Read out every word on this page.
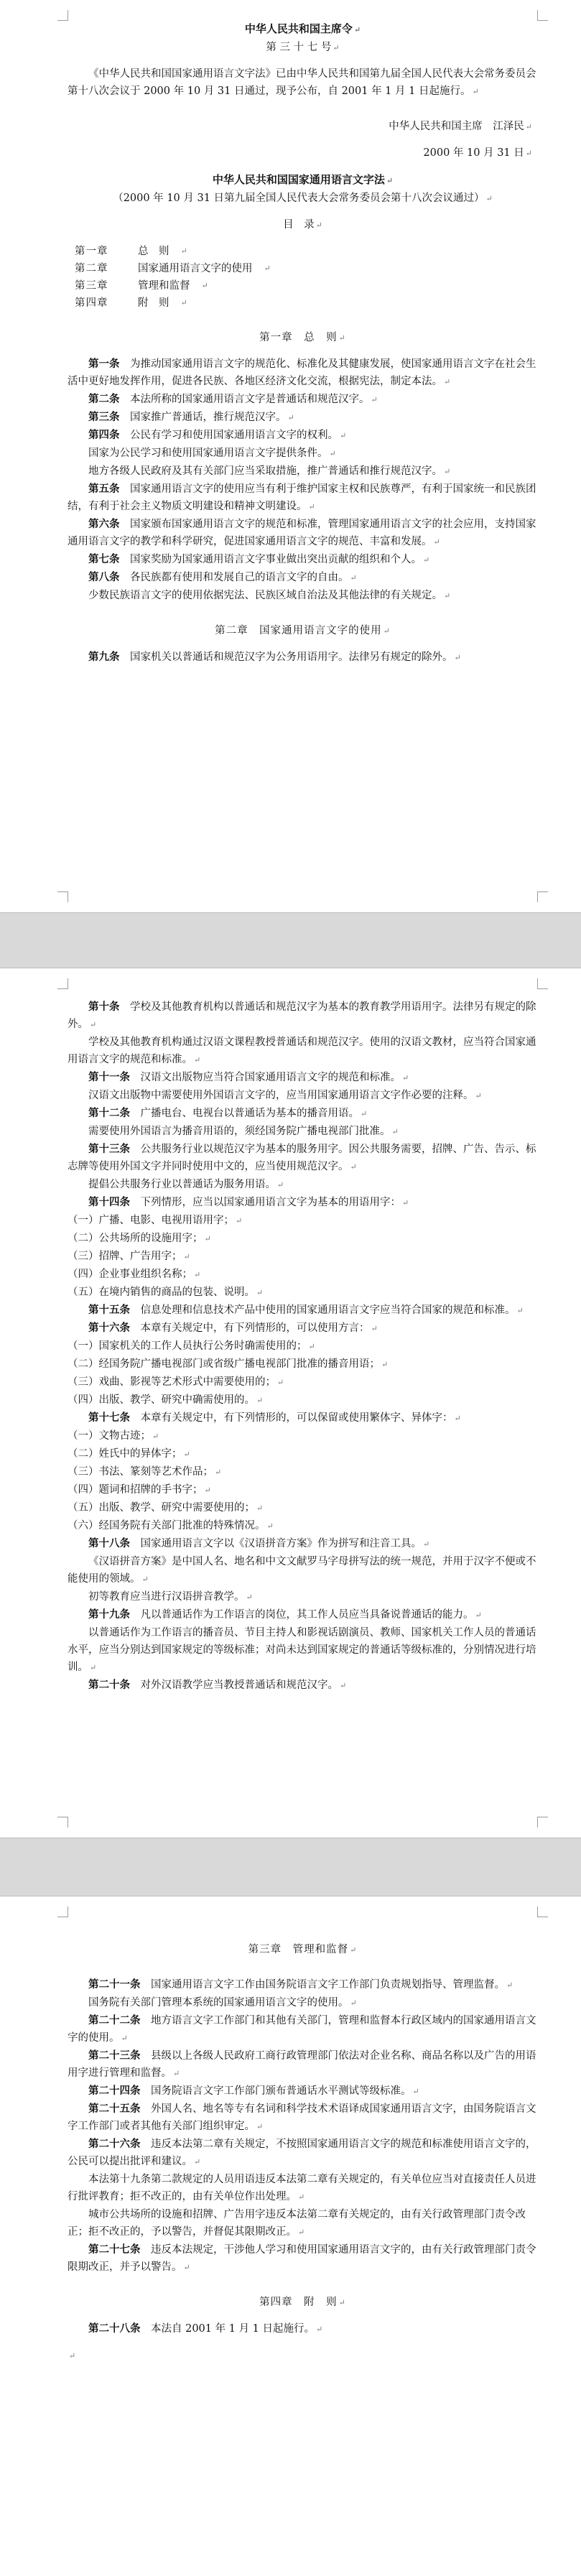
中华人民共和国主席令 ↵

第 三 十 七 号 ↵

《中华人民共和国国家通用语言文字法》已由中华人民共和国第九届全国人民代表大会常务委员会第十八次会议于 2000 年 10 月 31 日通过，现予公布，自 2001 年 1 月 1 日起施行。 ↵

中华人民共和国主席　江泽民 ↵

2000 年 10 月 31 日 ↵

中华人民共和国国家通用语言文字法 ↵

（2000 年 10 月 31 日第九届全国人民代表大会常务委员会第十八次会议通过） ↵

目　录 ↵

第一章	总　则 ↵
第二章	国家通用语言文字的使用 ↵
第三章	管理和监督 ↵
第四章	附　则 ↵

第一章　总　则 ↵

第一条　 为推动国家通用语言文字的规范化、标准化及其健康发展，使国家通用语言文字在社会生活中更好地发挥作用，促进各民族、各地区经济文化交流，根据宪法，制定本法。 ↵

第二条　 本法所称的国家通用语言文字是普通话和规范汉字。 ↵

第三条　 国家推广普通话，推行规范汉字。 ↵

第四条　 公民有学习和使用国家通用语言文字的权利。 ↵

国家为公民学习和使用国家通用语言文字提供条件。 ↵

地方各级人民政府及其有关部门应当采取措施，推广普通话和推行规范汉字。 ↵

第五条　 国家通用语言文字的使用应当有利于维护国家主权和民族尊严，有利于国家统一和民族团结，有利于社会主义物质文明建设和精神文明建设。 ↵

第六条　 国家颁布国家通用语言文字的规范和标准，管理国家通用语言文字的社会应用，支持国家通用语言文字的教学和科学研究，促进国家通用语言文字的规范、丰富和发展。 ↵

第七条　 国家奖励为国家通用语言文字事业做出突出贡献的组织和个人。 ↵

第八条　 各民族都有使用和发展自己的语言文字的自由。 ↵

少数民族语言文字的使用依据宪法、民族区域自治法及其他法律的有关规定。 ↵

第二章　国家通用语言文字的使用 ↵

第九条　 国家机关以普通话和规范汉字为公务用语用字。法律另有规定的除外。 ↵

第十条　 学校及其他教育机构以普通话和规范汉字为基本的教育教学用语用字。法律另有规定的除外。 ↵

学校及其他教育机构通过汉语文课程教授普通话和规范汉字。使用的汉语文教材，应当符合国家通用语言文字的规范和标准。 ↵

第十一条　 汉语文出版物应当符合国家通用语言文字的规范和标准。 ↵

汉语文出版物中需要使用外国语言文字的，应当用国家通用语言文字作必要的注释。 ↵

第十二条　 广播电台、电视台以普通话为基本的播音用语。 ↵

需要使用外国语言为播音用语的，须经国务院广播电视部门批准。 ↵

第十三条　 公共服务行业以规范汉字为基本的服务用字。因公共服务需要，招牌、广告、告示、标志牌等使用外国文字并同时使用中文的，应当使用规范汉字。 ↵

提倡公共服务行业以普通话为服务用语。 ↵

第十四条　 下列情形，应当以国家通用语言文字为基本的用语用字： ↵

（一）广播、电影、电视用语用字； ↵

（二）公共场所的设施用字； ↵

（三）招牌、广告用字； ↵

（四）企业事业组织名称； ↵

（五）在境内销售的商品的包装、说明。 ↵

第十五条　 信息处理和信息技术产品中使用的国家通用语言文字应当符合国家的规范和标准。 ↵

第十六条　 本章有关规定中，有下列情形的，可以使用方言： ↵

（一）国家机关的工作人员执行公务时确需使用的； ↵

（二）经国务院广播电视部门或省级广播电视部门批准的播音用语； ↵

（三）戏曲、影视等艺术形式中需要使用的； ↵

（四）出版、教学、研究中确需使用的。 ↵

第十七条　 本章有关规定中，有下列情形的，可以保留或使用繁体字、异体字： ↵

（一）文物古迹； ↵

（二）姓氏中的异体字； ↵

（三）书法、篆刻等艺术作品； ↵

（四）题词和招牌的手书字； ↵

（五）出版、教学、研究中需要使用的； ↵

（六）经国务院有关部门批准的特殊情况。 ↵

第十八条　 国家通用语言文字以《汉语拼音方案》作为拼写和注音工具。 ↵

《汉语拼音方案》是中国人名、地名和中文文献罗马字母拼写法的统一规范，并用于汉字不便或不能使用的领域。 ↵

初等教育应当进行汉语拼音教学。 ↵

第十九条　 凡以普通话作为工作语言的岗位，其工作人员应当具备说普通话的能力。 ↵

以普通话作为工作语言的播音员、节目主持人和影视话剧演员、教师、国家机关工作人员的普通话水平，应当分别达到国家规定的等级标准；对尚未达到国家规定的普通话等级标准的，分别情况进行培训。 ↵

第二十条　 对外汉语教学应当教授普通话和规范汉字。 ↵

第三章　管理和监督 ↵

第二十一条　 国家通用语言文字工作由国务院语言文字工作部门负责规划指导、管理监督。 ↵

国务院有关部门管理本系统的国家通用语言文字的使用。 ↵

第二十二条　 地方语言文字工作部门和其他有关部门，管理和监督本行政区域内的国家通用语言文字的使用。 ↵

第二十三条　 县级以上各级人民政府工商行政管理部门依法对企业名称、商品名称以及广告的用语用字进行管理和监督。 ↵

第二十四条　 国务院语言文字工作部门颁布普通话水平测试等级标准。 ↵

第二十五条　 外国人名、地名等专有名词和科学技术术语译成国家通用语言文字，由国务院语言文字工作部门或者其他有关部门组织审定。 ↵

第二十六条　 违反本法第二章有关规定，不按照国家通用语言文字的规范和标准使用语言文字的，公民可以提出批评和建议。 ↵

本法第十九条第二款规定的人员用语违反本法第二章有关规定的，有关单位应当对直接责任人员进行批评教育；拒不改正的，由有关单位作出处理。 ↵

城市公共场所的设施和招牌、广告用字违反本法第二章有关规定的，由有关行政管理部门责令改正；拒不改正的，予以警告，并督促其限期改正。 ↵

第二十七条　 违反本法规定，干涉他人学习和使用国家通用语言文字的，由有关行政管理部门责令限期改正，并予以警告。 ↵

第四章　附　则 ↵

第二十八条　 本法自 2001 年 1 月 1 日起施行。 ↵

↵
